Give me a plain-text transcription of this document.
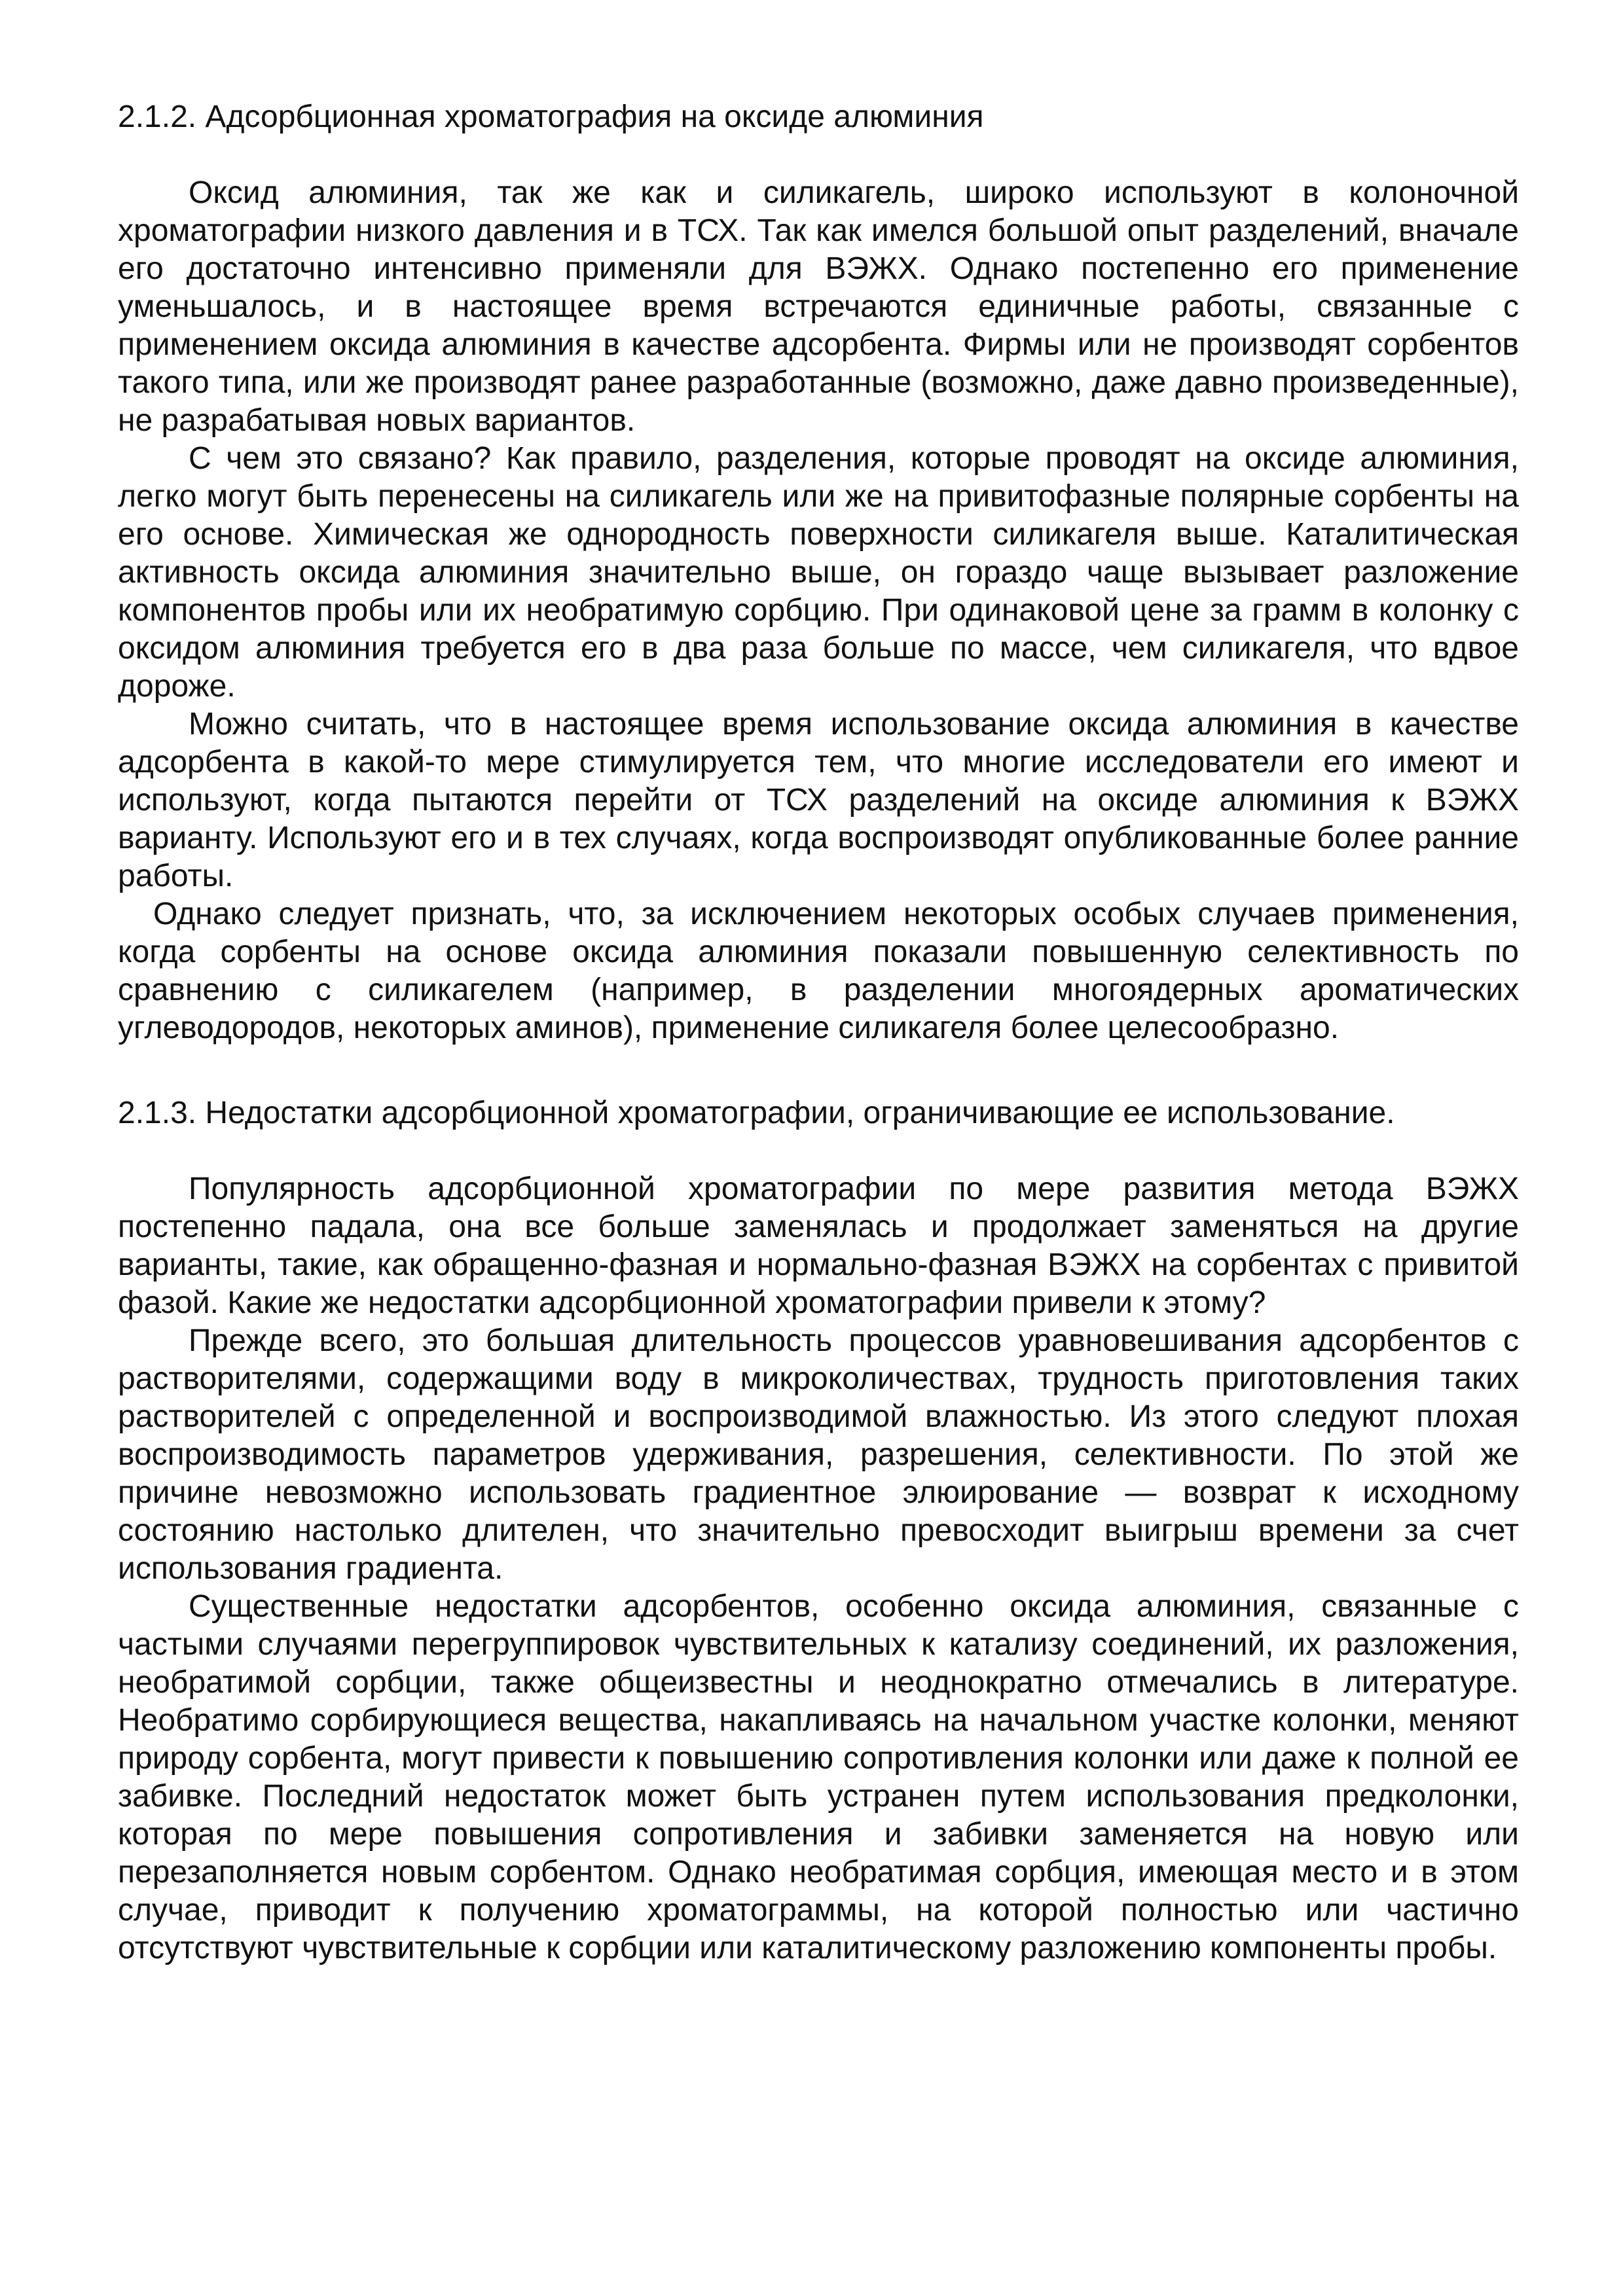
2.1.2. Адсорбционная хроматография на оксиде алюминия

Оксид алюминия, так же как и силикагель, широко используют в колоночной хроматографии низкого давления и в ТСХ. Так как имелся большой опыт разделений, вначале его достаточно интенсивно применяли для ВЭЖХ. Однако постепенно его применение уменьшалось, и в настоящее время встречаются единичные работы, связанные с применением оксида алюминия в качестве адсорбента. Фирмы или не производят сорбентов такого типа, или же производят ранее разработанные (возможно, даже давно произведенные), не разрабатывая новых вариантов.

С чем это связано? Как правило, разделения, которые проводят на оксиде алюминия, легко могут быть перенесены на силикагель или же на привитофазные полярные сорбенты на его основе. Химическая же однородность поверхности силикагеля выше. Каталитическая активность оксида алюминия значительно выше, он гораздо чаще вызывает разложение компонентов пробы или их необратимую сорбцию. При одинаковой цене за грамм в колонку с оксидом алюминия требуется его в два раза больше по массе, чем силикагеля, что вдвое дороже.

Можно считать, что в настоящее время использование оксида алюминия в качестве адсорбента в какой-то мере стимулируется тем, что многие исследователи его имеют и используют, когда пытаются перейти от ТСХ разделений на оксиде алюминия к ВЭЖХ варианту. Используют его и в тех случаях, когда воспроизводят опубликованные более ранние работы.

Однако следует признать, что, за исключением некоторых особых случаев применения, когда сорбенты на основе оксида алюминия показали повышенную селективность по сравнению с силикагелем (например, в разделении многоядерных ароматических углеводородов, некоторых аминов), применение силикагеля более целесообразно.

2.1.3. Недостатки адсорбционной хроматографии, ограничивающие ее использование.

Популярность адсорбционной хроматографии по мере развития метода ВЭЖХ постепенно падала, она все больше заменялась и продолжает заменяться на другие варианты, такие, как обращенно-фазная и нормально-фазная ВЭЖХ на сорбентах с привитой фазой. Какие же недостатки адсорбционной хроматографии привели к этому?

Прежде всего, это большая длительность процессов уравновешивания адсорбентов с растворителями, содержащими воду в микроколичествах, трудность приготовления таких растворителей с определенной и воспроизводимой влажностью. Из этого следуют плохая воспроизводимость параметров удерживания, разрешения, селективности. По этой же причине невозможно использовать градиентное элюирование — возврат к исходному состоянию настолько длителен, что значительно превосходит выигрыш времени за счет использования градиента.

Существенные недостатки адсорбентов, особенно оксида алюминия, связанные с частыми случаями перегруппировок чувствительных к катализу соединений, их разложения, необратимой сорбции, также общеизвестны и неоднократно отмечались в литературе. Необратимо сорбирующиеся вещества, накапливаясь на начальном участке колонки, меняют природу сорбента, могут привести к повышению сопротивления колонки или даже к полной ее забивке. Последний недостаток может быть устранен путем использования предколонки, которая по мере повышения сопротивления и забивки заменяется на новую или перезаполняется новым сорбентом. Однако необратимая сорбция, имеющая место и в этом случае, приводит к получению хроматограммы, на которой полностью или частично отсутствуют чувствительные к сорбции или каталитическому разложению компоненты пробы.
